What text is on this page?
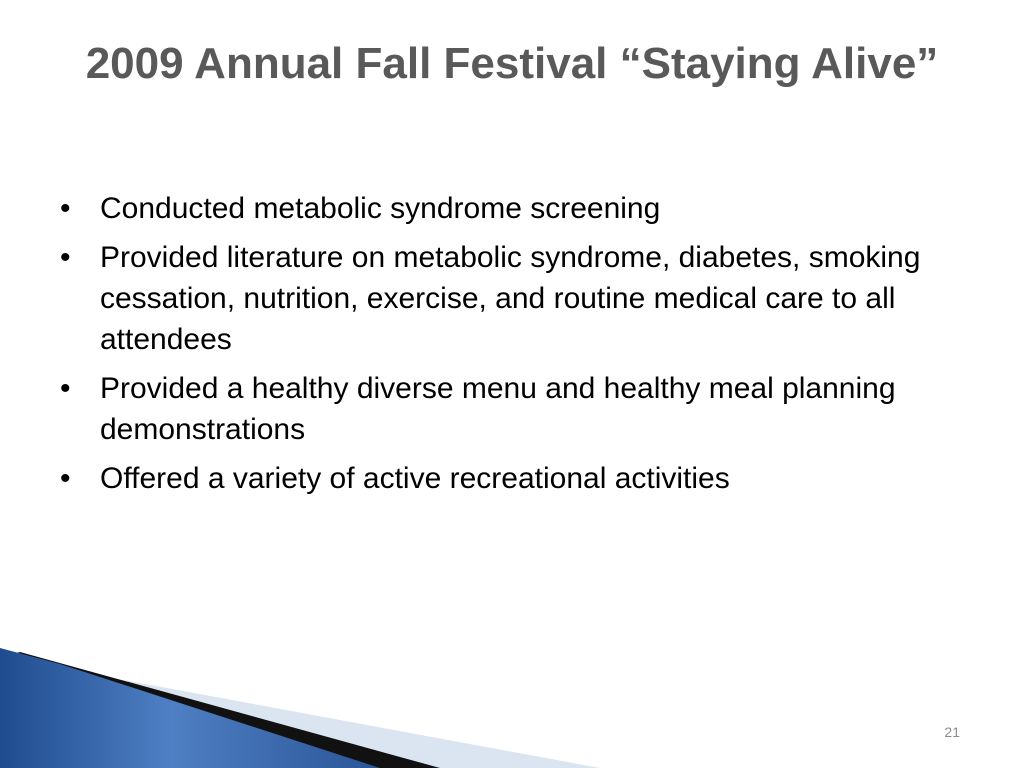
2009 Annual Fall Festival “Staying Alive”
• Conducted metabolic syndrome screening
• Provided literature on metabolic syndrome, diabetes, smoking cessation, nutrition, exercise, and routine medical care to all attendees
• Provided a healthy diverse menu and healthy meal planning demonstrations
• Offered a variety of active recreational activities
21
